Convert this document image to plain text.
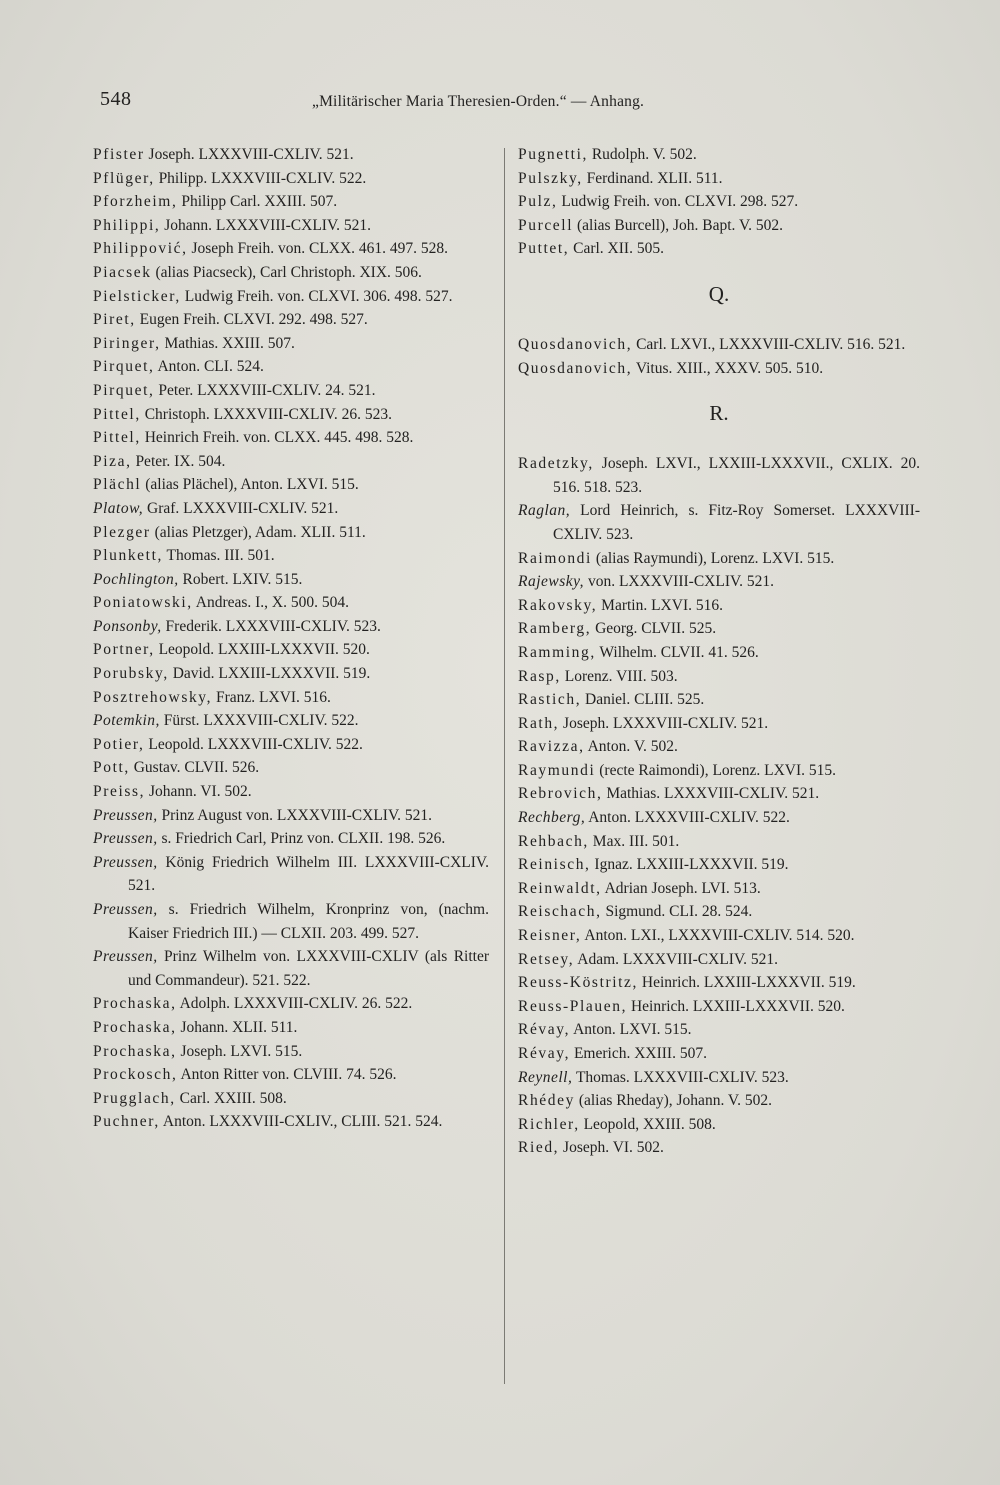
548	„Militärischer Maria Theresien-Orden.“ — Anhang.
Pfister Joseph. LXXXVIII-CXLIV. 521.
Pflüger, Philipp. LXXXVIII-CXLIV. 522.
Pforzheim, Philipp Carl. XXIII. 507.
Philippi, Johann. LXXXVIII-CXLIV. 521.
Philippović, Joseph Freih. von. CLXX. 461. 497. 528.
Piacsek (alias Piacseck), Carl Christoph. XIX. 506.
Pielsticker, Ludwig Freih. von. CLXVI. 306. 498. 527.
Piret, Eugen Freih. CLXVI. 292. 498. 527.
Piringer, Mathias. XXIII. 507.
Pirquet, Anton. CLI. 524.
Pirquet, Peter. LXXXVIII-CXLIV. 24. 521.
Pittel, Christoph. LXXXVIII-CXLIV. 26. 523.
Pittel, Heinrich Freih. von. CLXX. 445. 498. 528.
Piza, Peter. IX. 504.
Plächl (alias Plächel), Anton. LXVI. 515.
Platow, Graf. LXXXVIII-CXLIV. 521.
Plezger (alias Pletzger), Adam. XLII. 511.
Plunkett, Thomas. III. 501.
Pochlington, Robert. LXIV. 515.
Poniatowski, Andreas. I., X. 500. 504.
Ponsonby, Frederik. LXXXVIII-CXLIV. 523.
Portner, Leopold. LXXIII-LXXXVII. 520.
Porubsky, David. LXXIII-LXXXVII. 519.
Posztrehowsky, Franz. LXVI. 516.
Potemkin, Fürst. LXXXVIII-CXLIV. 522.
Potier, Leopold. LXXXVIII-CXLIV. 522.
Pott, Gustav. CLVII. 526.
Preiss, Johann. VI. 502.
Preussen, Prinz August von. LXXXVIII-CXLIV. 521.
Preussen, s. Friedrich Carl, Prinz von. CLXII. 198. 526.
Preussen, König Friedrich Wilhelm III. LXXXVIII-CXLIV. 521.
Preussen, s. Friedrich Wilhelm, Kronprinz von, (nachm. Kaiser Friedrich III.) — CLXII. 203. 499. 527.
Preussen, Prinz Wilhelm von. LXXXVIII-CXLIV (als Ritter und Commandeur). 521. 522.
Prochaska, Adolph. LXXXVIII-CXLIV. 26. 522.
Prochaska, Johann. XLII. 511.
Prochaska, Joseph. LXVI. 515.
Prockosch, Anton Ritter von. CLVIII. 74. 526.
Prugglach, Carl. XXIII. 508.
Puchner, Anton. LXXXVIII-CXLIV., CLIII. 521. 524.
Pugnetti, Rudolph. V. 502.
Pulszky, Ferdinand. XLII. 511.
Pulz, Ludwig Freih. von. CLXVI. 298. 527.
Purcell (alias Burcell), Joh. Bapt. V. 502.
Puttet, Carl. XII. 505.
Q.
Quosdanovich, Carl. LXVI., LXXXVIII-CXLIV. 516. 521.
Quosdanovich, Vitus. XIII., XXXV. 505. 510.
R.
Radetzky, Joseph. LXVI., LXXIII-LXXXVII., CXLIX. 20. 516. 518. 523.
Raglan, Lord Heinrich, s. Fitz-Roy Somerset. LXXXVIII-CXLIV. 523.
Raimondi (alias Raymundi), Lorenz. LXVI. 515.
Rajewsky, von. LXXXVIII-CXLIV. 521.
Rakovsky, Martin. LXVI. 516.
Ramberg, Georg. CLVII. 525.
Ramming, Wilhelm. CLVII. 41. 526.
Rasp, Lorenz. VIII. 503.
Rastich, Daniel. CLIII. 525.
Rath, Joseph. LXXXVIII-CXLIV. 521.
Ravizza, Anton. V. 502.
Raymundi (recte Raimondi), Lorenz. LXVI. 515.
Rebrovich, Mathias. LXXXVIII-CXLIV. 521.
Rechberg, Anton. LXXXVIII-CXLIV. 522.
Rehbach, Max. III. 501.
Reinisch, Ignaz. LXXIII-LXXXVII. 519.
Reinwaldt, Adrian Joseph. LVI. 513.
Reischach, Sigmund. CLI. 28. 524.
Reisner, Anton. LXI., LXXXVIII-CXLIV. 514. 520.
Retsey, Adam. LXXXVIII-CXLIV. 521.
Reuss-Köstritz, Heinrich. LXXIII-LXXXVII. 519.
Reuss-Plauen, Heinrich. LXXIII-LXXXVII. 520.
Révay, Anton. LXVI. 515.
Révay, Emerich. XXIII. 507.
Reynell, Thomas. LXXXVIII-CXLIV. 523.
Rhédey (alias Rheday), Johann. V. 502.
Richler, Leopold, XXIII. 508.
Ried, Joseph. VI. 502.
